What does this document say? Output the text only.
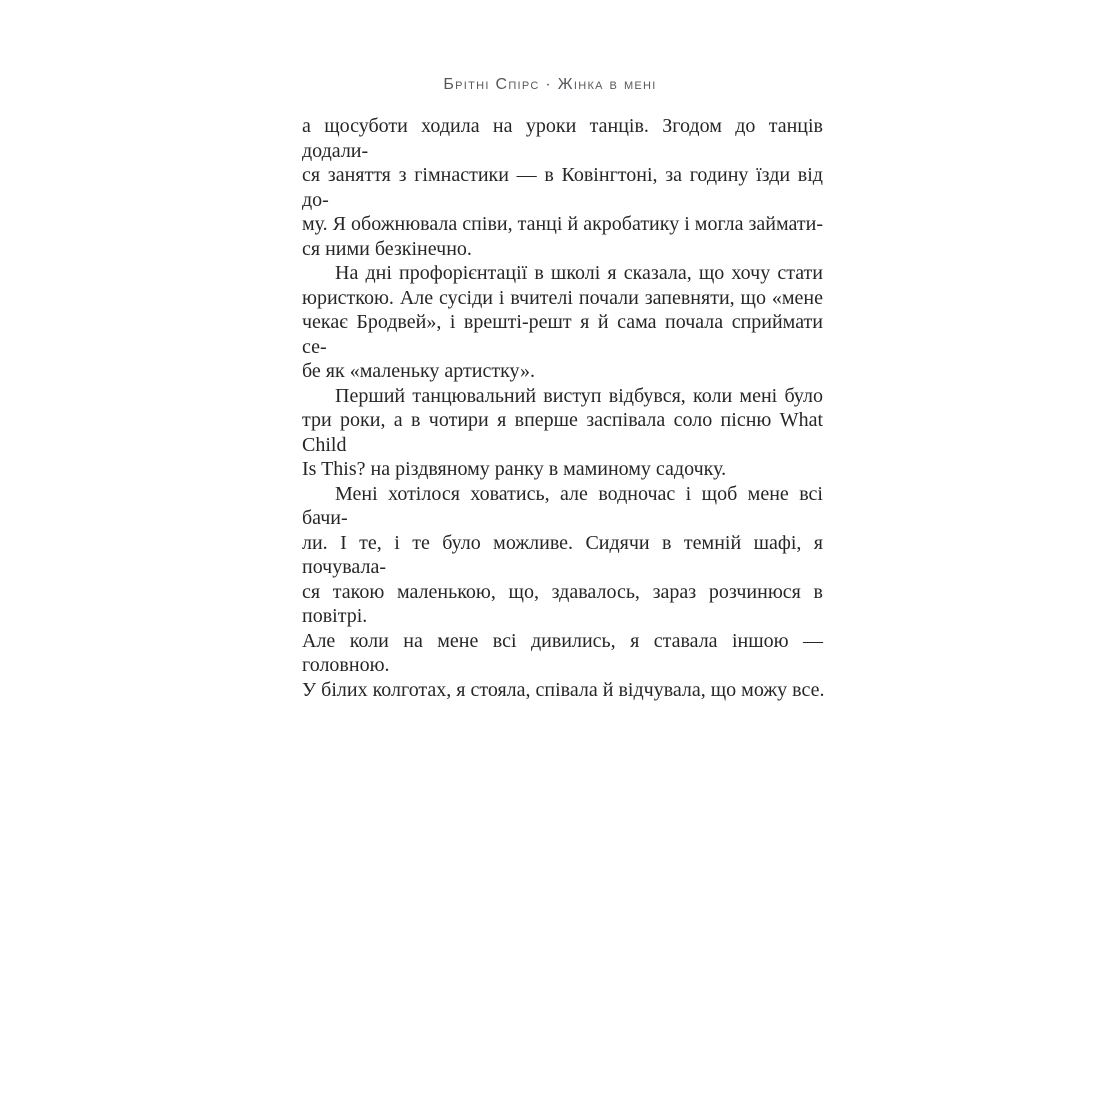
Брітні Спірс · Жінка в мені
а щосуботи ходила на уроки танців. Згодом до танців додали-
ся заняття з гімнастики — в Ковінгтоні, за годину їзди від до-
му. Я обожнювала співи, танці й акробатику і могла займати-
ся ними безкінечно.
На дні профорієнтації в школі я сказала, що хочу стати
юристкою. Але сусіди і вчителі почали запевняти, що «мене
чекає Бродвей», і врешті-решт я й сама почала сприймати се-
бе як «маленьку артистку».
Перший танцювальний виступ відбувся, коли мені було
три роки, а в чотири я вперше заспівала соло пісню What Child
Is This? на різдвяному ранку в маминому садочку.
Мені хотілося ховатись, але водночас і щоб мене всі бачи-
ли. І те, і те було можливе. Сидячи в темній шафі, я почувала-
ся такою маленькою, що, здавалось, зараз розчинюся в повітрі.
Але коли на мене всі дивились, я ставала іншою — головною.
У білих колготах, я стояла, співала й відчувала, що можу все.
